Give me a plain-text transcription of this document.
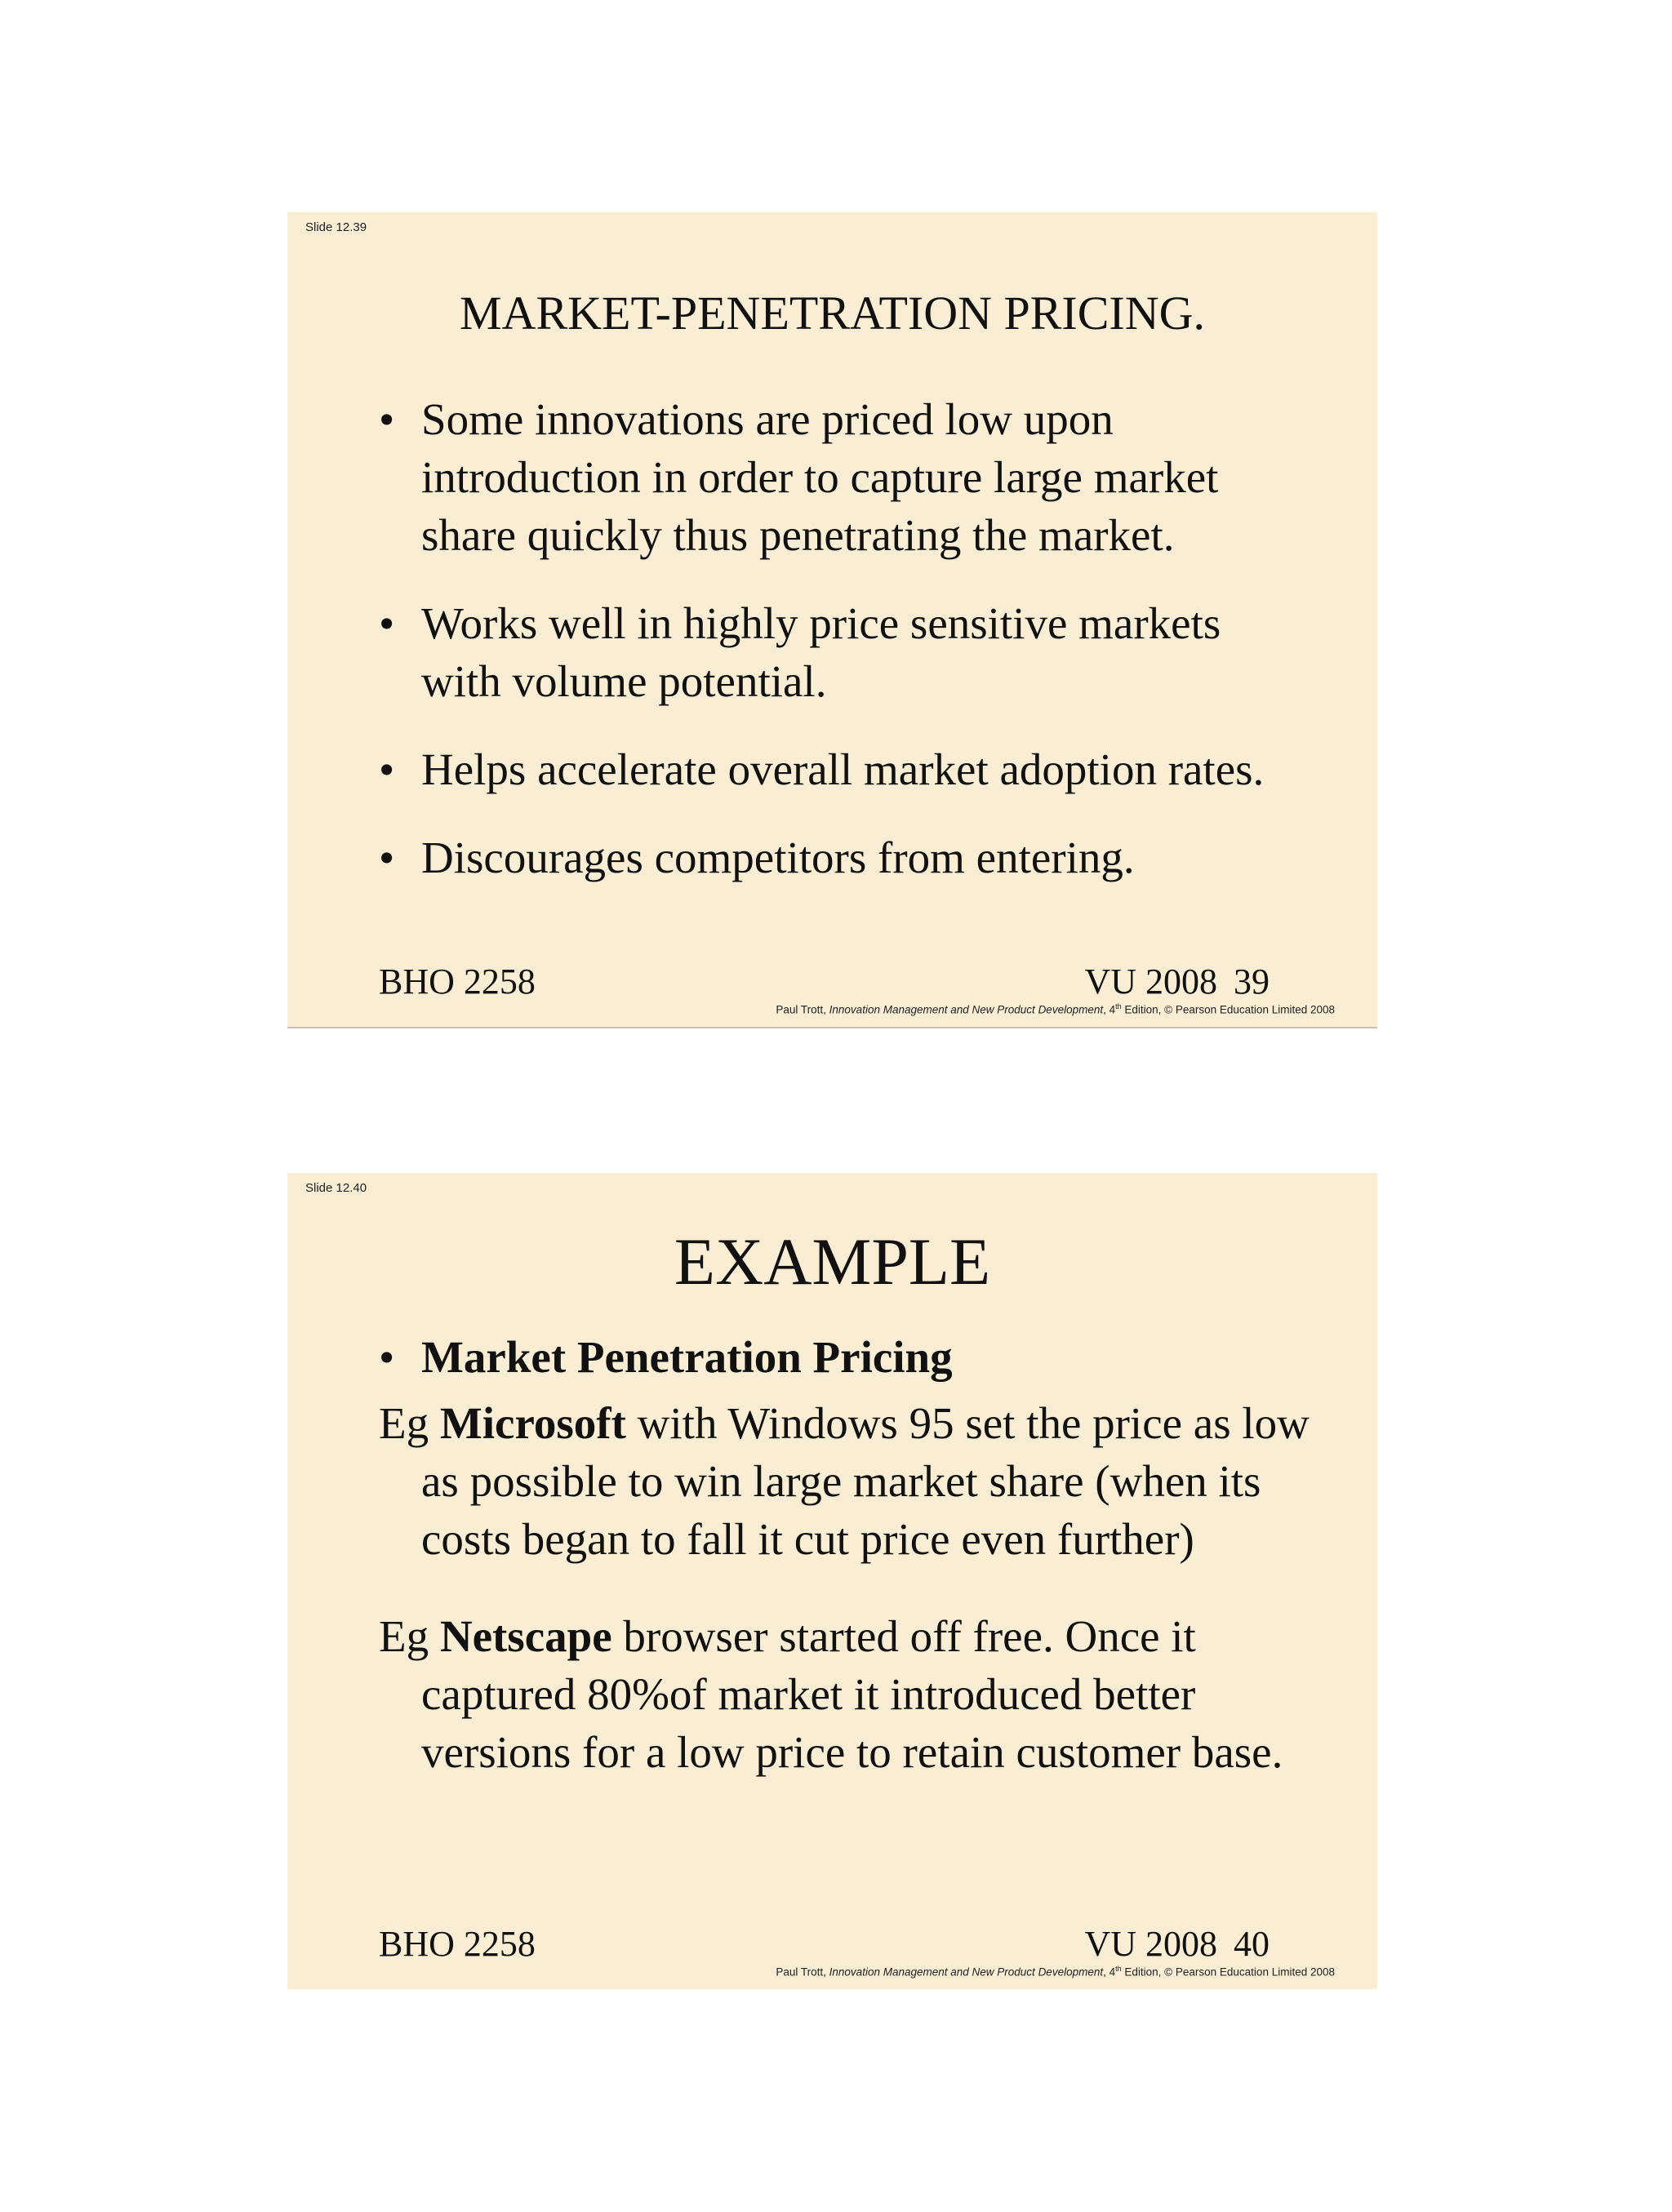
Slide 12.39
MARKET-PENETRATION PRICING.
• Some innovations are priced low upon introduction in order to capture large market share quickly thus penetrating the market.
• Works well in highly price sensitive markets with volume potential.
• Helps accelerate overall market adoption rates.
• Discourages competitors from entering.
BHO 2258	VU 2008 39
Paul Trott, Innovation Management and New Product Development, 4th Edition, © Pearson Education Limited 2008
Slide 12.40
EXAMPLE
• Market Penetration Pricing
Eg Microsoft with Windows 95 set the price as low as possible to win large market share (when its costs began to fall it cut price even further)
Eg Netscape browser started off free. Once it captured 80%of market it introduced better versions for a low price to retain customer base.
BHO 2258	VU 2008 40
Paul Trott, Innovation Management and New Product Development, 4th Edition, © Pearson Education Limited 2008
